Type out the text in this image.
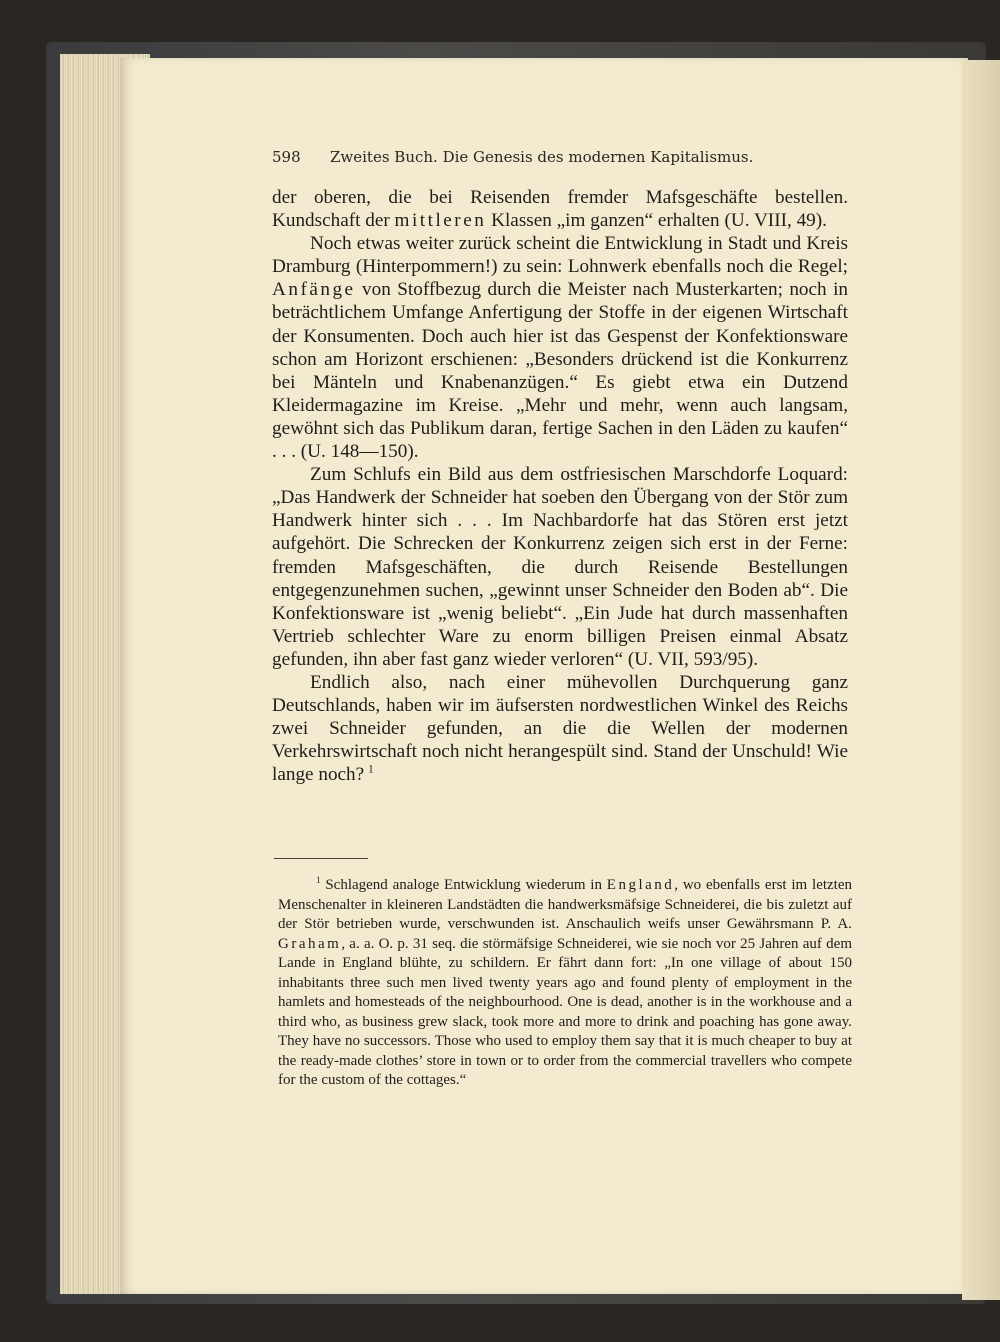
598 Zweites Buch. Die Genesis des modernen Kapitalismus.

der oberen, die bei Reisenden fremder Mafsgeschäfte bestellen. Kundschaft der mittleren Klassen „im ganzen“ erhalten (U. VIII, 49).

Noch etwas weiter zurück scheint die Entwicklung in Stadt und Kreis Dramburg (Hinterpommern!) zu sein: Lohnwerk ebenfalls noch die Regel; Anfänge von Stoffbezug durch die Meister nach Musterkarten; noch in beträchtlichem Umfange Anfertigung der Stoffe in der eigenen Wirtschaft der Konsumenten. Doch auch hier ist das Gespenst der Konfektionsware schon am Horizont erschienen: „Besonders drückend ist die Konkurrenz bei Mänteln und Knabenanzügen.“ Es giebt etwa ein Dutzend Kleidermagazine im Kreise. „Mehr und mehr, wenn auch langsam, gewöhnt sich das Publikum daran, fertige Sachen in den Läden zu kaufen“ . . . (U. 148—150).

Zum Schlufs ein Bild aus dem ostfriesischen Marschdorfe Loquard: „Das Handwerk der Schneider hat soeben den Übergang von der Stör zum Handwerk hinter sich . . . Im Nachbardorfe hat das Stören erst jetzt aufgehört. Die Schrecken der Konkurrenz zeigen sich erst in der Ferne: fremden Mafsgeschäften, die durch Reisende Bestellungen entgegenzunehmen suchen, „gewinnt unser Schneider den Boden ab“. Die Konfektionsware ist „wenig beliebt“. „Ein Jude hat durch massenhaften Vertrieb schlechter Ware zu enorm billigen Preisen einmal Absatz gefunden, ihn aber fast ganz wieder verloren“ (U. VII, 593/95).

Endlich also, nach einer mühevollen Durchquerung ganz Deutschlands, haben wir im äufsersten nordwestlichen Winkel des Reichs zwei Schneider gefunden, an die die Wellen der modernen Verkehrswirtschaft noch nicht herangespült sind. Stand der Unschuld! Wie lange noch?  $^1$

$^1$ Schlagend analoge Entwicklung wiederum in England, wo ebenfalls erst im letzten Menschenalter in kleineren Landstädten die handwerksmäfsige Schneiderei, die bis zuletzt auf der Stör betrieben wurde, verschwunden ist. Anschaulich weifs unser Gewährsmann P. A. Graham, a. a. O. p. 31 seq. die störmäfsige Schneiderei, wie sie noch vor 25 Jahren auf dem Lande in England blühte, zu schildern. Er fährt dann fort: „In one village of about 150 inhabitants three such men lived twenty years ago and found plenty of employment in the hamlets and homesteads of the neighbourhood. One is dead, another is in the workhouse and a third who, as business grew slack, took more and more to drink and poaching has gone away. They have no successors. Those who used to employ them say that it is much cheaper to buy at the ready-made clothes’ store in town or to order from the commercial travellers who compete for the custom of the cottages.“
